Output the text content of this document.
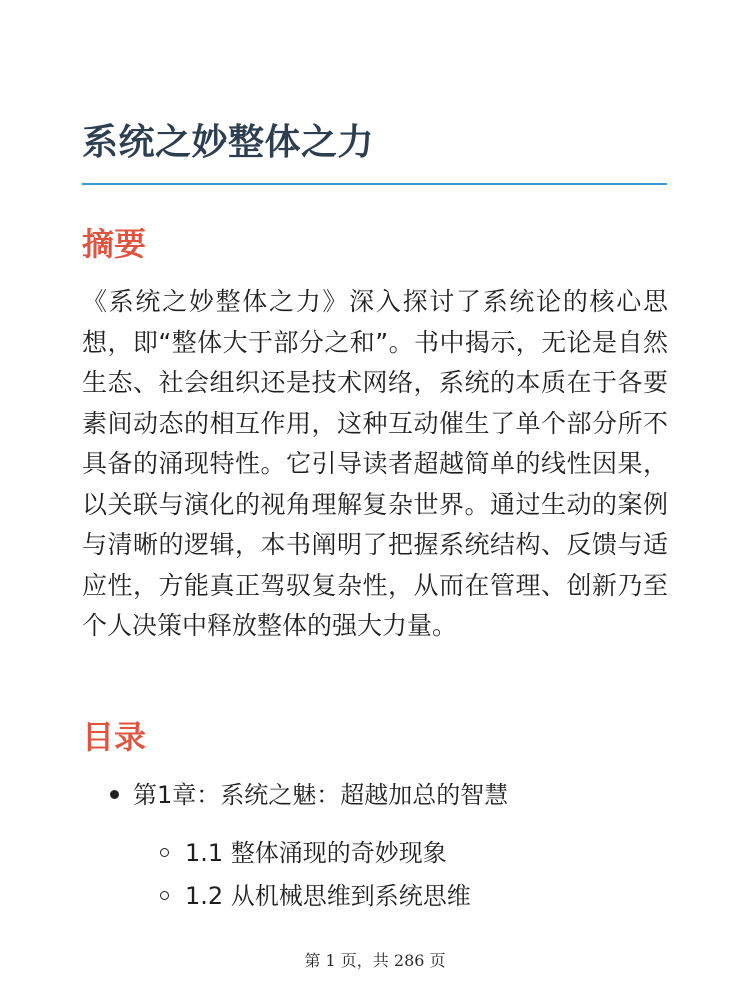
系统之妙整体之力
摘要

《系统之妙整体之力》深入探讨了系统论的核心思想，即“整体大于部分之和”。书中揭示，无论是自然生态、社会组织还是技术网络，系统的本质在于各要素间动态的相互作用，这种互动催生了单个部分所不具备的涌现特性。它引导读者超越简单的线性因果，以关联与演化的视角理解复杂世界。通过生动的案例与清晰的逻辑，本书阐明了把握系统结构、反馈与适应性，方能真正驾驭复杂性，从而在管理、创新乃至个人决策中释放整体的强大力量。

目录
第1章：系统之魅：超越加总的智慧
1.1 整体涌现的奇妙现象
1.2 从机械思维到系统思维
第 1 页，共 286 页
